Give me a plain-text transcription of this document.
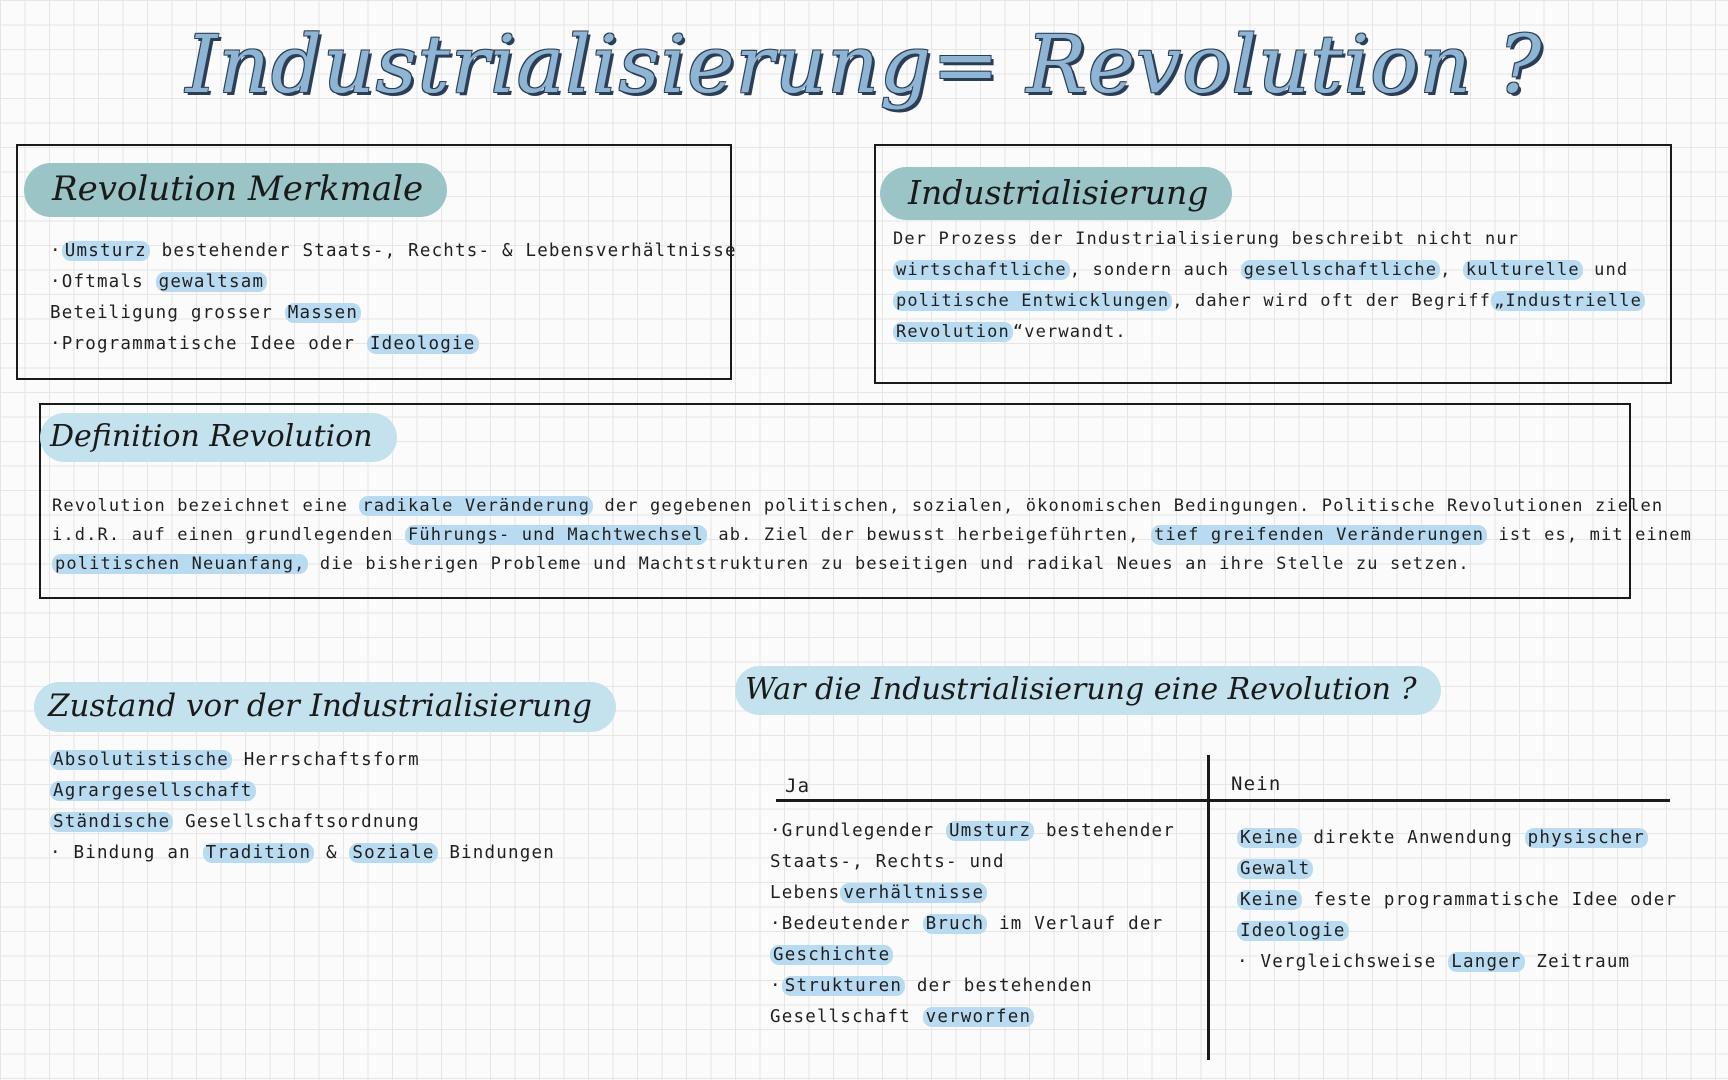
Industrialisierung= Revolution ?
Revolution Merkmale
· Umsturz bestehender Staats-, Rechts- & Lebensverhältnisse
·Oftmals gewaltsam
Beteiligung grosser Massen
·Programmatische Idee oder Ideologie
Industrialisierung
Der Prozess der Industrialisierung beschreibt nicht nur
wirtschaftliche , sondern auch gesellschaftliche , kulturelle und
politische Entwicklungen , daher wird oft der Begriff „Industrielle
Revolution “verwandt.
Definition Revolution
Revolution bezeichnet eine radikale Veränderung der gegebenen politischen, sozialen, ökonomischen Bedingungen. Politische Revolutionen zielen
i.d.R. auf einen grundlegenden Führungs- und Machtwechsel ab. Ziel der bewusst herbeigeführten, tief greifenden Veränderungen ist es, mit einem
politischen Neuanfang, die bisherigen Probleme und Machtstrukturen zu beseitigen und radikal Neues an ihre Stelle zu setzen.
Zustand vor der Industrialisierung
Absolutistische Herrschaftsform
Agrargesellschaft
Ständische Gesellschaftsordnung
· Bindung an Tradition & Soziale Bindungen
War die Industrialisierung eine Revolution ?
Ja	Nein
·Grundlegender Umsturz bestehender
Staats-, Rechts- und
Lebens verhältnisse
·Bedeutender Bruch im Verlauf der
Geschichte
· Strukturen der bestehenden
Gesellschaft verworfen
Keine direkte Anwendung physischer
Gewalt
Keine feste programmatische Idee oder
Ideologie
· Vergleichsweise Langer Zeitraum
